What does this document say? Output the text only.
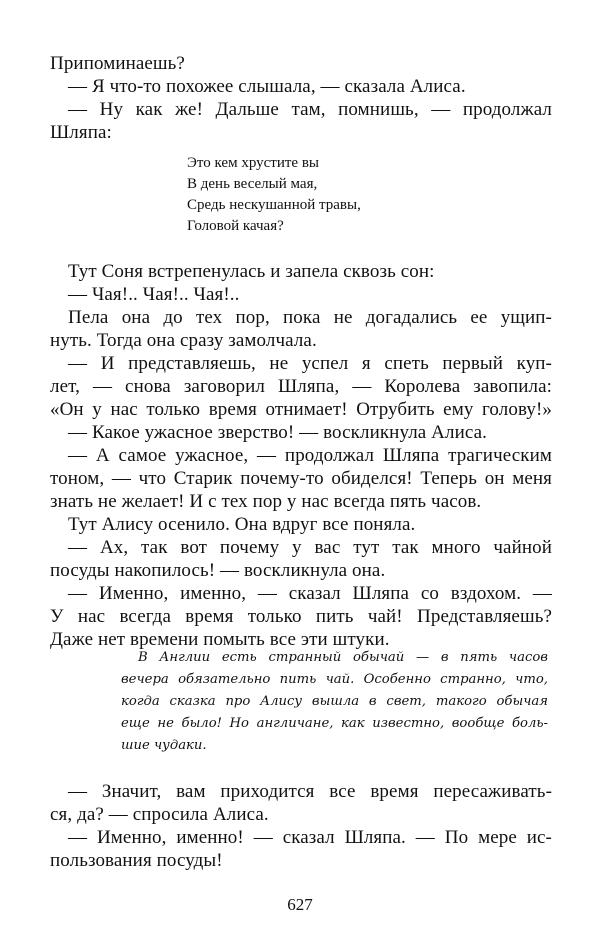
Припоминаешь?
— Я что-то похожее слышала, — сказала Алиса.
— Ну как же! Дальше там, помнишь, — продолжал
Шляпа:
Это кем хрустите вы
В день веселый мая,
Средь нескушанной травы,
Головой качая?
Тут Соня встрепенулась и запела сквозь сон:
— Чая!.. Чая!.. Чая!..
Пела она до тех пор, пока не догадались ее ущип-
нуть. Тогда она сразу замолчала.
— И представляешь, не успел я спеть первый куп-
лет, — снова заговорил Шляпа, — Королева завопила:
«Он у нас только время отнимает! Отрубить ему голову!»
— Какое ужасное зверство! — воскликнула Алиса.
— А самое ужасное, — продолжал Шляпа трагическим
тоном, — что Старик почему-то обиделся! Теперь он меня
знать не желает! И с тех пор у нас всегда пять часов.
Тут Алису осенило. Она вдруг все поняла.
— Ах, так вот почему у вас тут так много чайной
посуды накопилось! — воскликнула она.
— Именно, именно, — сказал Шляпа со вздохом. —
У нас всегда время только пить чай! Представляешь?
Даже нет времени помыть все эти штуки.
В Англии есть странный обычай — в пять часов
вечера обязательно пить чай. Особенно странно, что,
когда сказка про Алису вышла в свет, такого обычая
еще не было! Но англичане, как известно, вообще боль-
шие чудаки.
— Значит, вам приходится все время пересаживать-
ся, да? — спросила Алиса.
— Именно, именно! — сказал Шляпа. — По мере ис-
пользования посуды!
627
